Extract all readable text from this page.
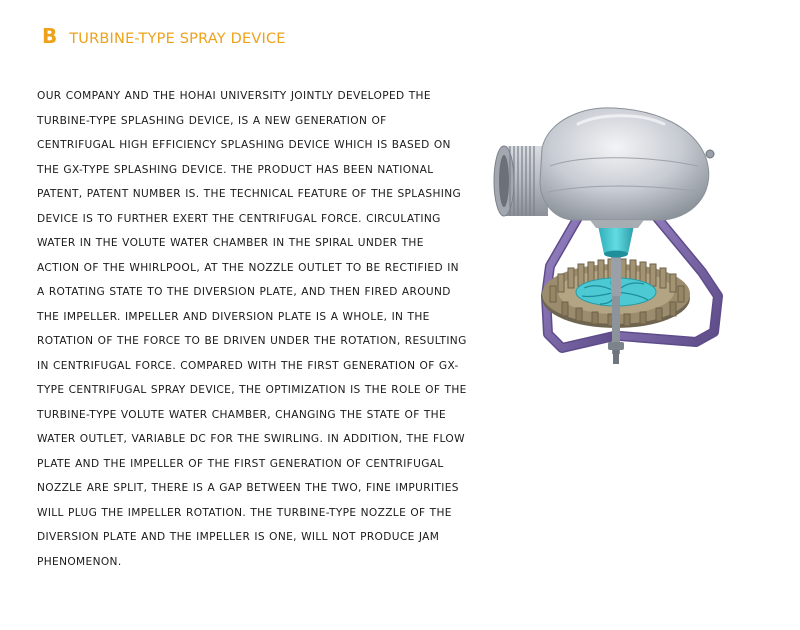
B TURBINE-TYPE SPRAY DEVICE

OUR COMPANY AND THE HOHAI UNIVERSITY JOINTLY DEVELOPED THE TURBINE-TYPE SPLASHING DEVICE, IS A NEW GENERATION OF CENTRIFUGAL HIGH EFFICIENCY SPLASHING DEVICE WHICH IS BASED ON THE GX-TYPE SPLASHING DEVICE. THE PRODUCT HAS BEEN NATIONAL PATENT, PATENT NUMBER IS. THE TECHNICAL FEATURE OF THE SPLASHING DEVICE IS TO FURTHER EXERT THE CENTRIFUGAL FORCE. CIRCULATING WATER IN THE VOLUTE WATER CHAMBER IN THE SPIRAL UNDER THE ACTION OF THE WHIRLPOOL, AT THE NOZZLE OUTLET TO BE RECTIFIED IN A ROTATING STATE TO THE DIVERSION PLATE, AND THEN FIRED AROUND THE IMPELLER. IMPELLER AND DIVERSION PLATE IS A WHOLE, IN THE ROTATION OF THE FORCE TO BE DRIVEN UNDER THE ROTATION, RESULTING IN CENTRIFUGAL FORCE. COMPARED WITH THE FIRST GENERATION OF GX-TYPE CENTRIFUGAL SPRAY DEVICE, THE OPTIMIZATION IS THE ROLE OF THE TURBINE-TYPE VOLUTE WATER CHAMBER, CHANGING THE STATE OF THE WATER OUTLET, VARIABLE DC FOR THE SWIRLING. IN ADDITION, THE FLOW PLATE AND THE IMPELLER OF THE FIRST GENERATION OF CENTRIFUGAL NOZZLE ARE SPLIT, THERE IS A GAP BETWEEN THE TWO, FINE IMPURITIES WILL PLUG THE IMPELLER ROTATION. THE TURBINE-TYPE NOZZLE OF THE DIVERSION PLATE AND THE IMPELLER IS ONE, WILL NOT PRODUCE JAM PHENOMENON.
